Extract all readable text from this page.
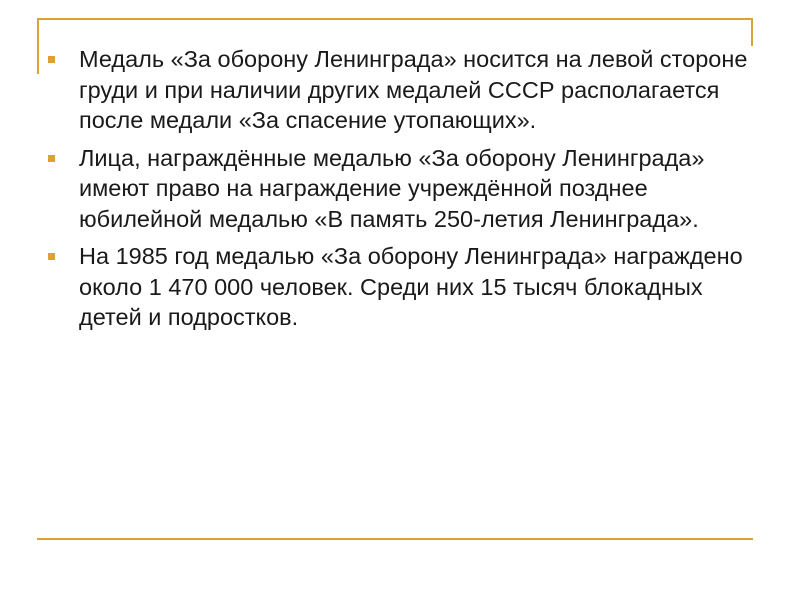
Медаль «За оборону Ленинграда» носится на левой стороне груди и при наличии других медалей СССР располагается после медали «За спасение утопающих».
Лица, награждённые медалью «За оборону Ленинграда» имеют право на награждение учреждённой позднее юбилейной медалью «В память 250-летия Ленинграда».
На 1985 год медалью «За оборону Ленинграда» награждено около 1 470 000 человек. Среди них 15 тысяч блокадных детей и подростков.
